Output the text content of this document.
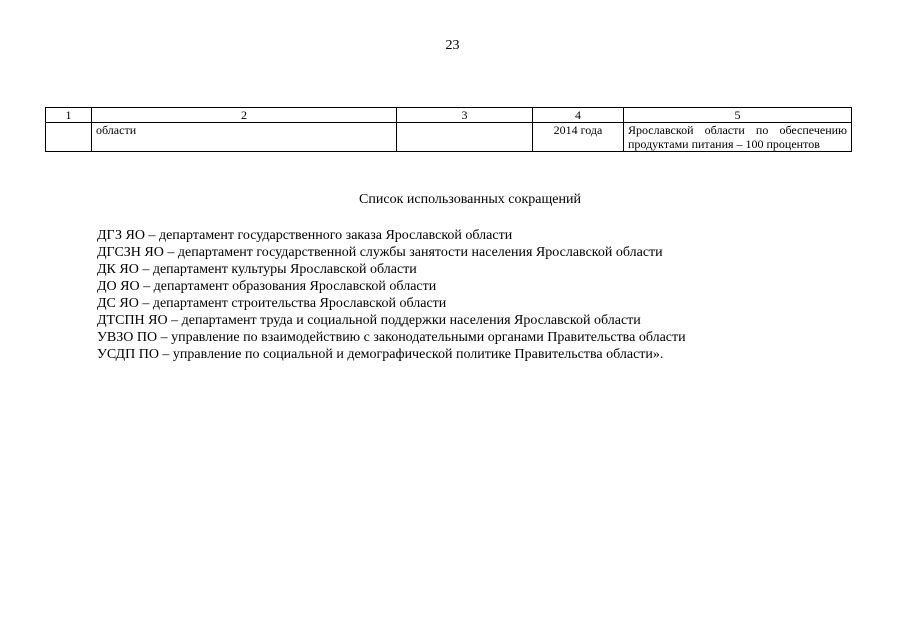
23
1	2	3	4	5
	области		2014 года	Ярославской области по обеспечению продуктами питания – 100 процентов
Список использованных сокращений
ДГЗ ЯО – департамент государственного заказа Ярославской области
ДГСЗН ЯО – департамент государственной службы занятости населения Ярославской области
ДК ЯО – департамент культуры Ярославской области
ДО ЯО – департамент образования Ярославской области
ДС ЯО – департамент строительства Ярославской области
ДТСПН ЯО – департамент труда и социальной поддержки населения Ярославской области
УВЗО ПО – управление по взаимодействию с законодательными органами Правительства области
УСДП ПО – управление по социальной и демографической политике Правительства области».
